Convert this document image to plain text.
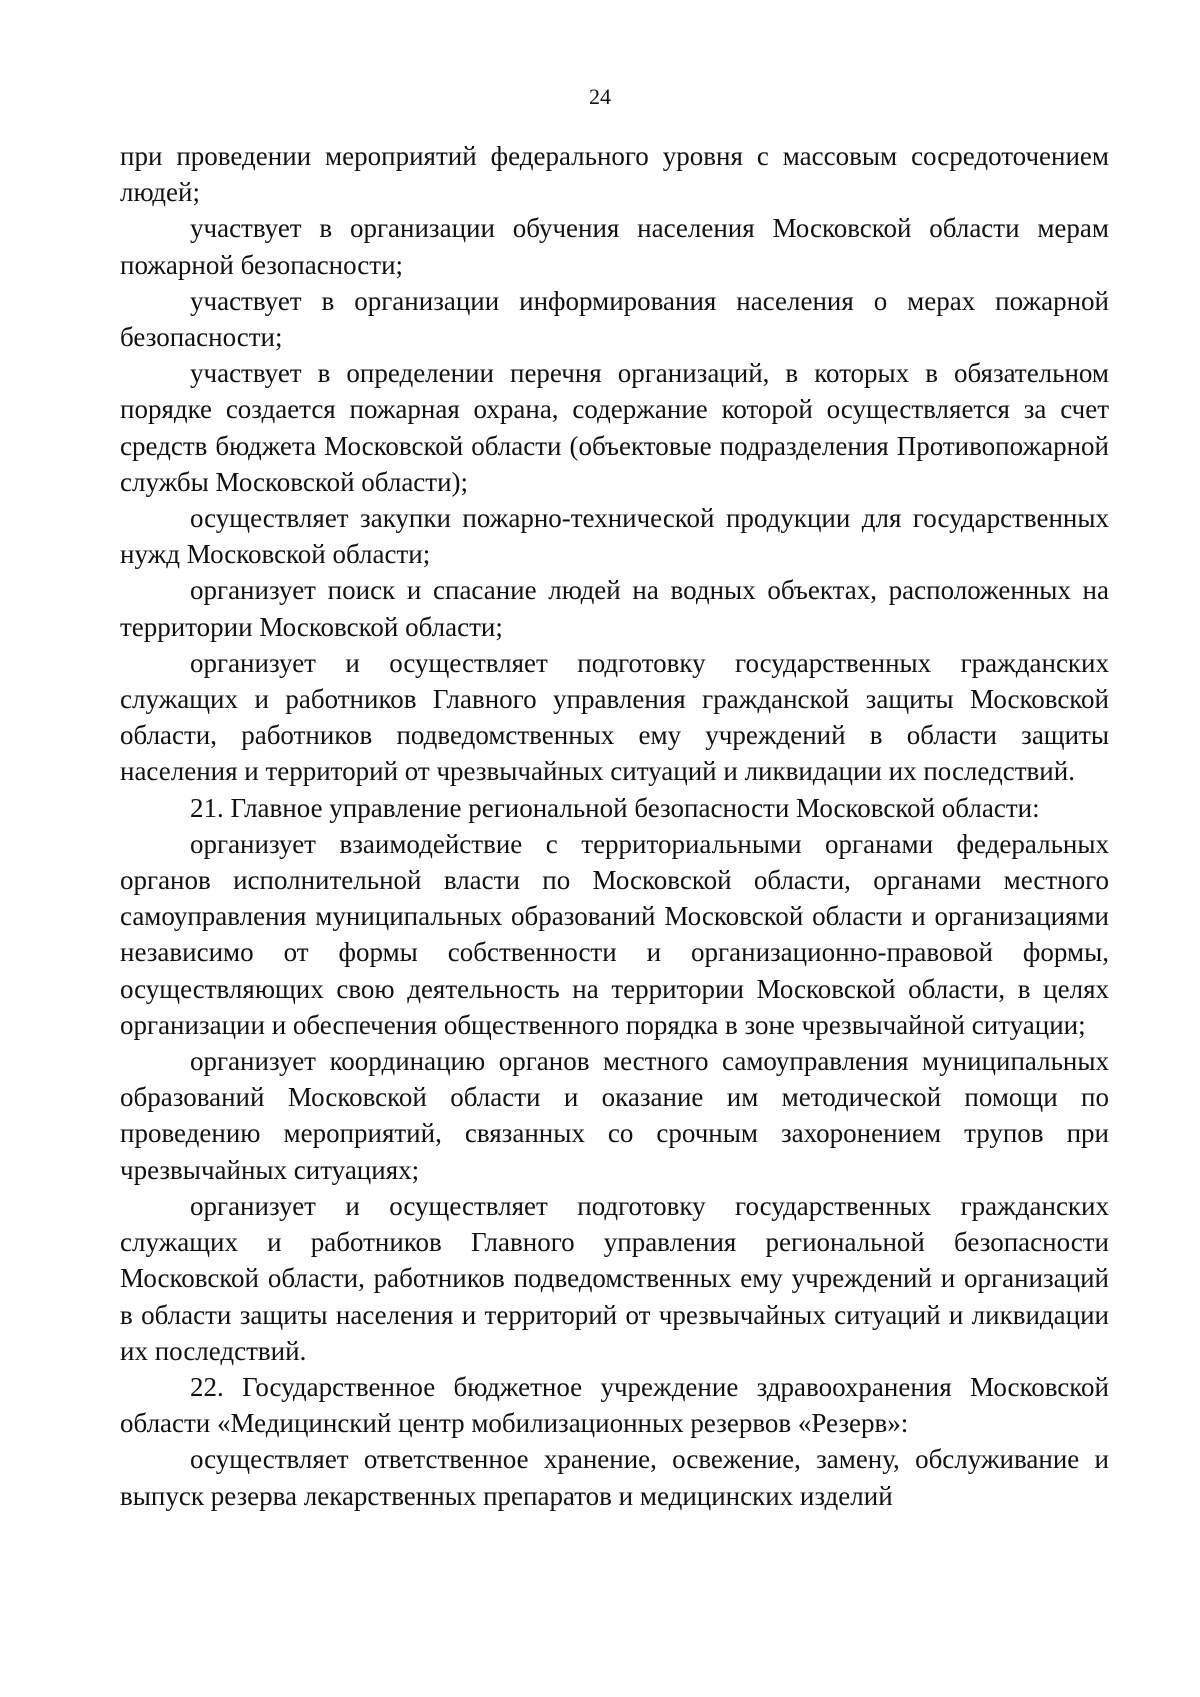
24

при проведении мероприятий федерального уровня с массовым сосредоточением людей;

участвует в организации обучения населения Московской области мерам пожарной безопасности;

участвует в организации информирования населения о мерах пожарной безопасности;

участвует в определении перечня организаций, в которых в обязательном порядке создается пожарная охрана, содержание которой осуществляется за счет средств бюджета Московской области (объектовые подразделения Противопожарной службы Московской области);

осуществляет закупки пожарно-технической продукции для государственных нужд Московской области;

организует поиск и спасание людей на водных объектах, расположенных на территории Московской области;

организует и осуществляет подготовку государственных гражданских служащих и работников Главного управления гражданской защиты Московской области, работников подведомственных ему учреждений в области защиты населения и территорий от чрезвычайных ситуаций и ликвидации их последствий.

21. Главное управление региональной безопасности Московской области:

организует взаимодействие с территориальными органами федеральных органов исполнительной власти по Московской области, органами местного самоуправления муниципальных образований Московской области и организациями независимо от формы собственности и организационно-правовой формы, осуществляющих свою деятельность на территории Московской области, в целях организации и обеспечения общественного порядка в зоне чрезвычайной ситуации;

организует координацию органов местного самоуправления муниципальных образований Московской области и оказание им методической помощи по проведению мероприятий, связанных со срочным захоронением трупов при чрезвычайных ситуациях;

организует и осуществляет подготовку государственных гражданских служащих и работников Главного управления региональной безопасности Московской области, работников подведомственных ему учреждений и организаций в области защиты населения и территорий от чрезвычайных ситуаций и ликвидации их последствий.

22. Государственное бюджетное учреждение здравоохранения Московской области «Медицинский центр мобилизационных резервов «Резерв»:

осуществляет ответственное хранение, освежение, замену, обслуживание и выпуск резерва лекарственных препаратов и медицинских изделий
